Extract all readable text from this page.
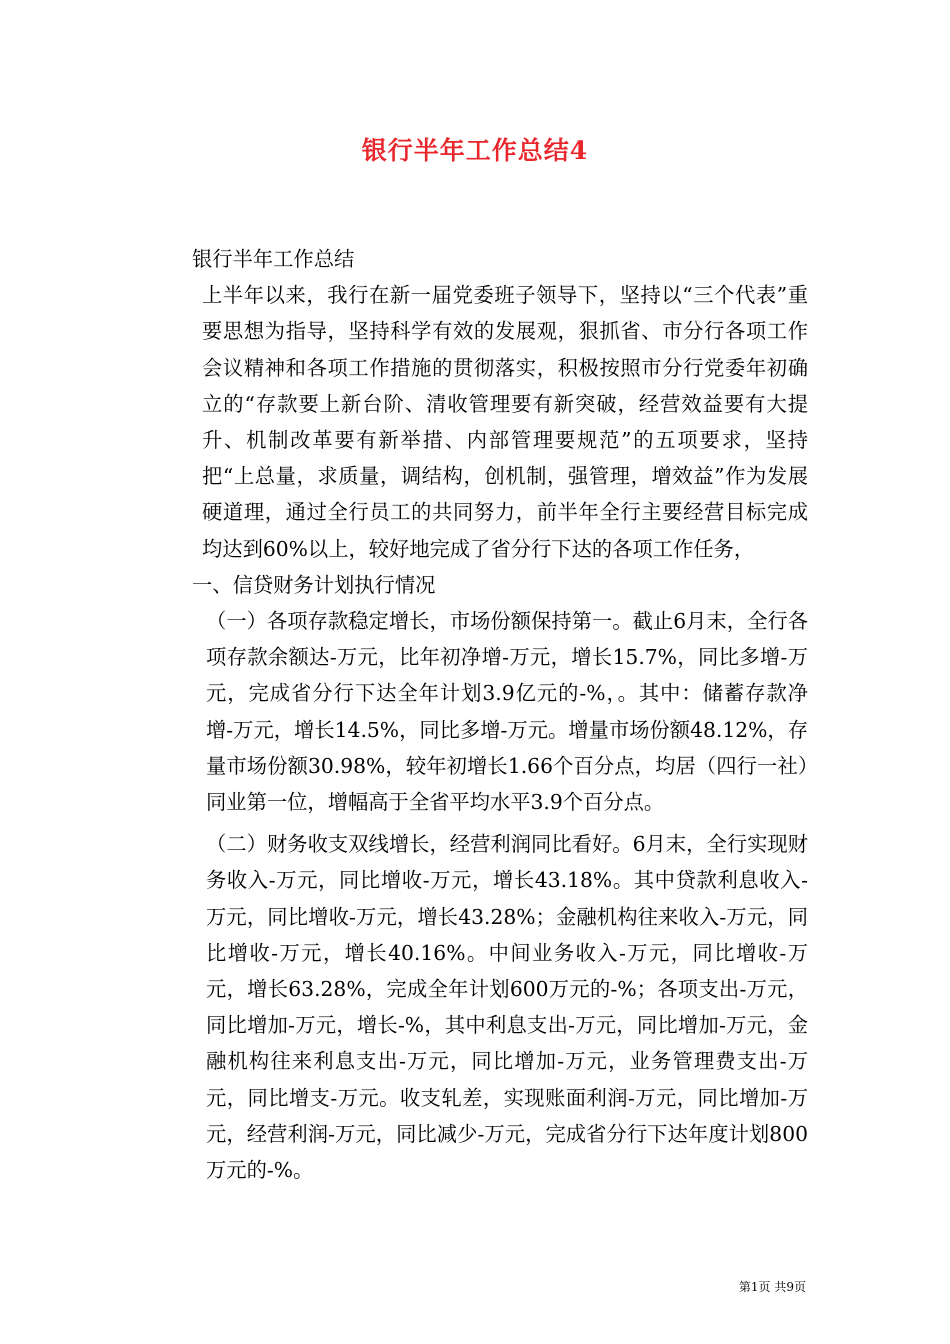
银行半年工作总结4

银行半年工作总结

上半年以来，我行在新一届党委班子领导下，坚持以“三个代表”重要思想为指导，坚持科学有效的发展观，狠抓省、市分行各项工作会议精神和各项工作措施的贯彻落实，积极按照市分行党委年初确立的“存款要上新台阶、清收管理要有新突破，经营效益要有大提升、机制改革要有新举措、内部管理要规范”的五项要求，坚持把“上总量，求质量，调结构，创机制，强管理，增效益”作为发展硬道理，通过全行员工的共同努力，前半年全行主要经营目标完成均达到60%以上，较好地完成了省分行下达的各项工作任务，

一、信贷财务计划执行情况

（一）各项存款稳定增长，市场份额保持第一。截止6月末，全行各项存款余额达-万元，比年初净增-万元，增长15.7%，同比多增-万元，完成省分行下达全年计划3.9亿元的-%，。其中：储蓄存款净增-万元，增长14.5%，同比多增-万元。增量市场份额48.12%，存量市场份额30.98%，较年初增长1.66个百分点，均居（四行一社）同业第一位，增幅高于全省平均水平3.9个百分点。

（二）财务收支双线增长，经营利润同比看好。6月末，全行实现财务收入-万元，同比增收-万元，增长43.18%。其中贷款利息收入-万元，同比增收-万元，增长43.28%；金融机构往来收入-万元，同比增收-万元，增长40.16%。中间业务收入-万元，同比增收-万元，增长63.28%，完成全年计划600万元的-%；各项支出-万元，同比增加-万元，增长-%，其中利息支出-万元，同比增加-万元，金融机构往来利息支出-万元，同比增加-万元，业务管理费支出-万元，同比增支-万元。收支轧差，实现账面利润-万元，同比增加-万元，经营利润-万元，同比减少-万元，完成省分行下达年度计划800万元的-%。

第1页 共9页
